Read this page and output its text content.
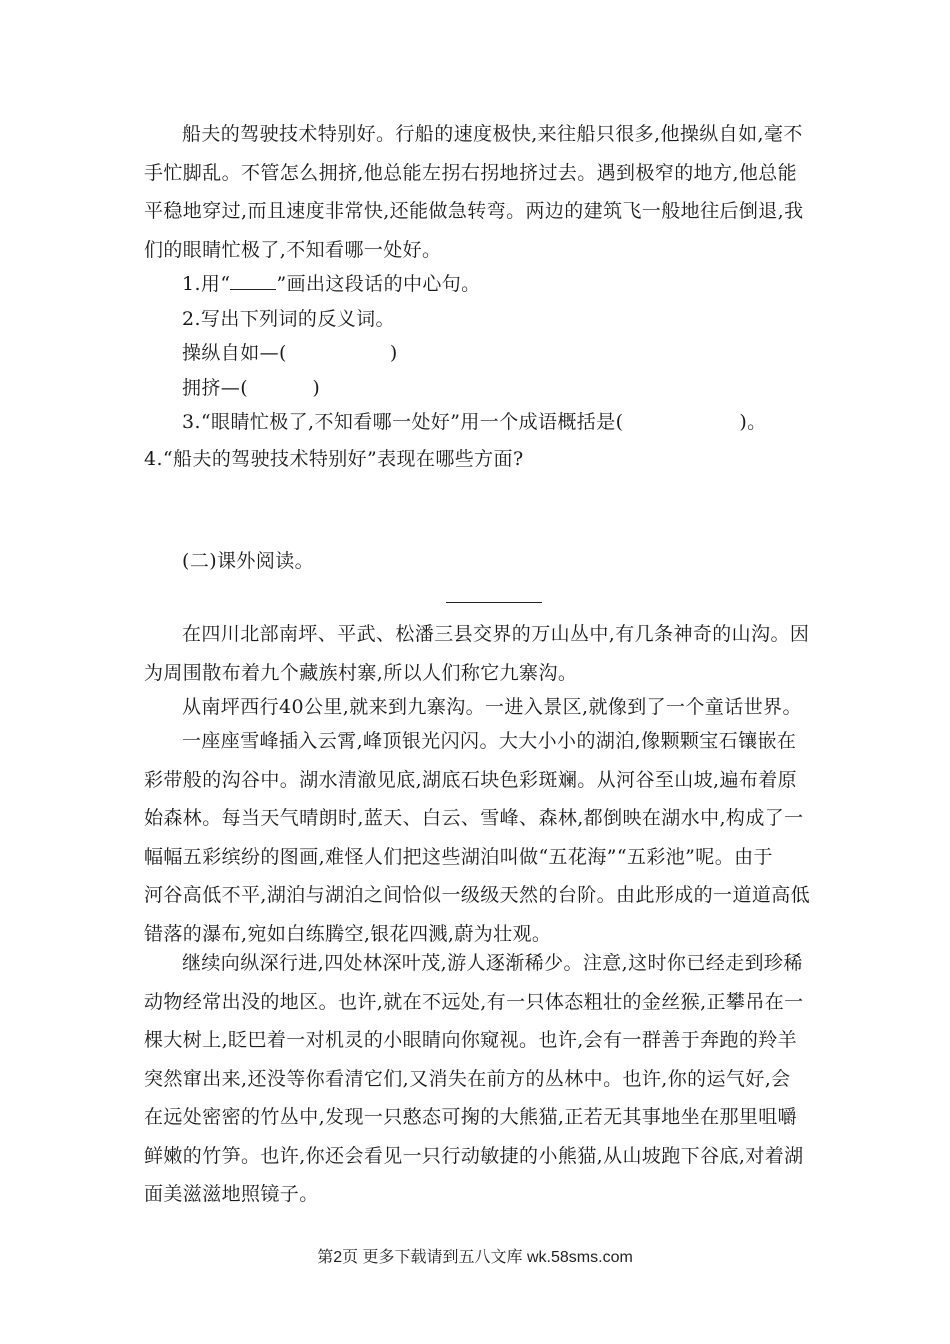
船夫的驾驶技术特别好。行船的速度极快,来往船只很多,他操纵自如,毫不
手忙脚乱。不管怎么拥挤,他总能左拐右拐地挤过去。遇到极窄的地方,他总能
平稳地穿过,而且速度非常快,还能做急转弯。两边的建筑飞一般地往后倒退,我
们的眼睛忙极了,不知看哪一处好。

1.用“ ”画出这段话的中心句。

2.写出下列词的反义词。

操纵自如—(                )

拥挤—(          )

3.“眼睛忙极了,不知看哪一处好”用一个成语概括是(                  )。

4.“船夫的驾驶技术特别好”表现在哪些方面?

(二)课外阅读。

在四川北部南坪、平武、松潘三县交界的万山丛中,有几条神奇的山沟。因
为周围散布着九个藏族村寨,所以人们称它九寨沟。
从南坪西行40公里,就来到九寨沟。一进入景区,就像到了一个童话世界。
一座座雪峰插入云霄,峰顶银光闪闪。大大小小的湖泊,像颗颗宝石镶嵌在
彩带般的沟谷中。湖水清澈见底,湖底石块色彩斑斓。从河谷至山坡,遍布着原
始森林。每当天气晴朗时,蓝天、白云、雪峰、森林,都倒映在湖水中,构成了一
幅幅五彩缤纷的图画,难怪人们把这些湖泊叫做“五花海”“五彩池”呢。由于
河谷高低不平,湖泊与湖泊之间恰似一级级天然的台阶。由此形成的一道道高低
错落的瀑布,宛如白练腾空,银花四溅,蔚为壮观。
继续向纵深行进,四处林深叶茂,游人逐渐稀少。注意,这时你已经走到珍稀
动物经常出没的地区。也许,就在不远处,有一只体态粗壮的金丝猴,正攀吊在一
棵大树上,眨巴着一对机灵的小眼睛向你窥视。也许,会有一群善于奔跑的羚羊
突然窜出来,还没等你看清它们,又消失在前方的丛林中。也许,你的运气好,会
在远处密密的竹丛中,发现一只憨态可掬的大熊猫,正若无其事地坐在那里咀嚼
鲜嫩的竹笋。也许,你还会看见一只行动敏捷的小熊猫,从山坡跑下谷底,对着湖
面美滋滋地照镜子。
第2页 更多下载请到五八文库 wk.58sms.com
